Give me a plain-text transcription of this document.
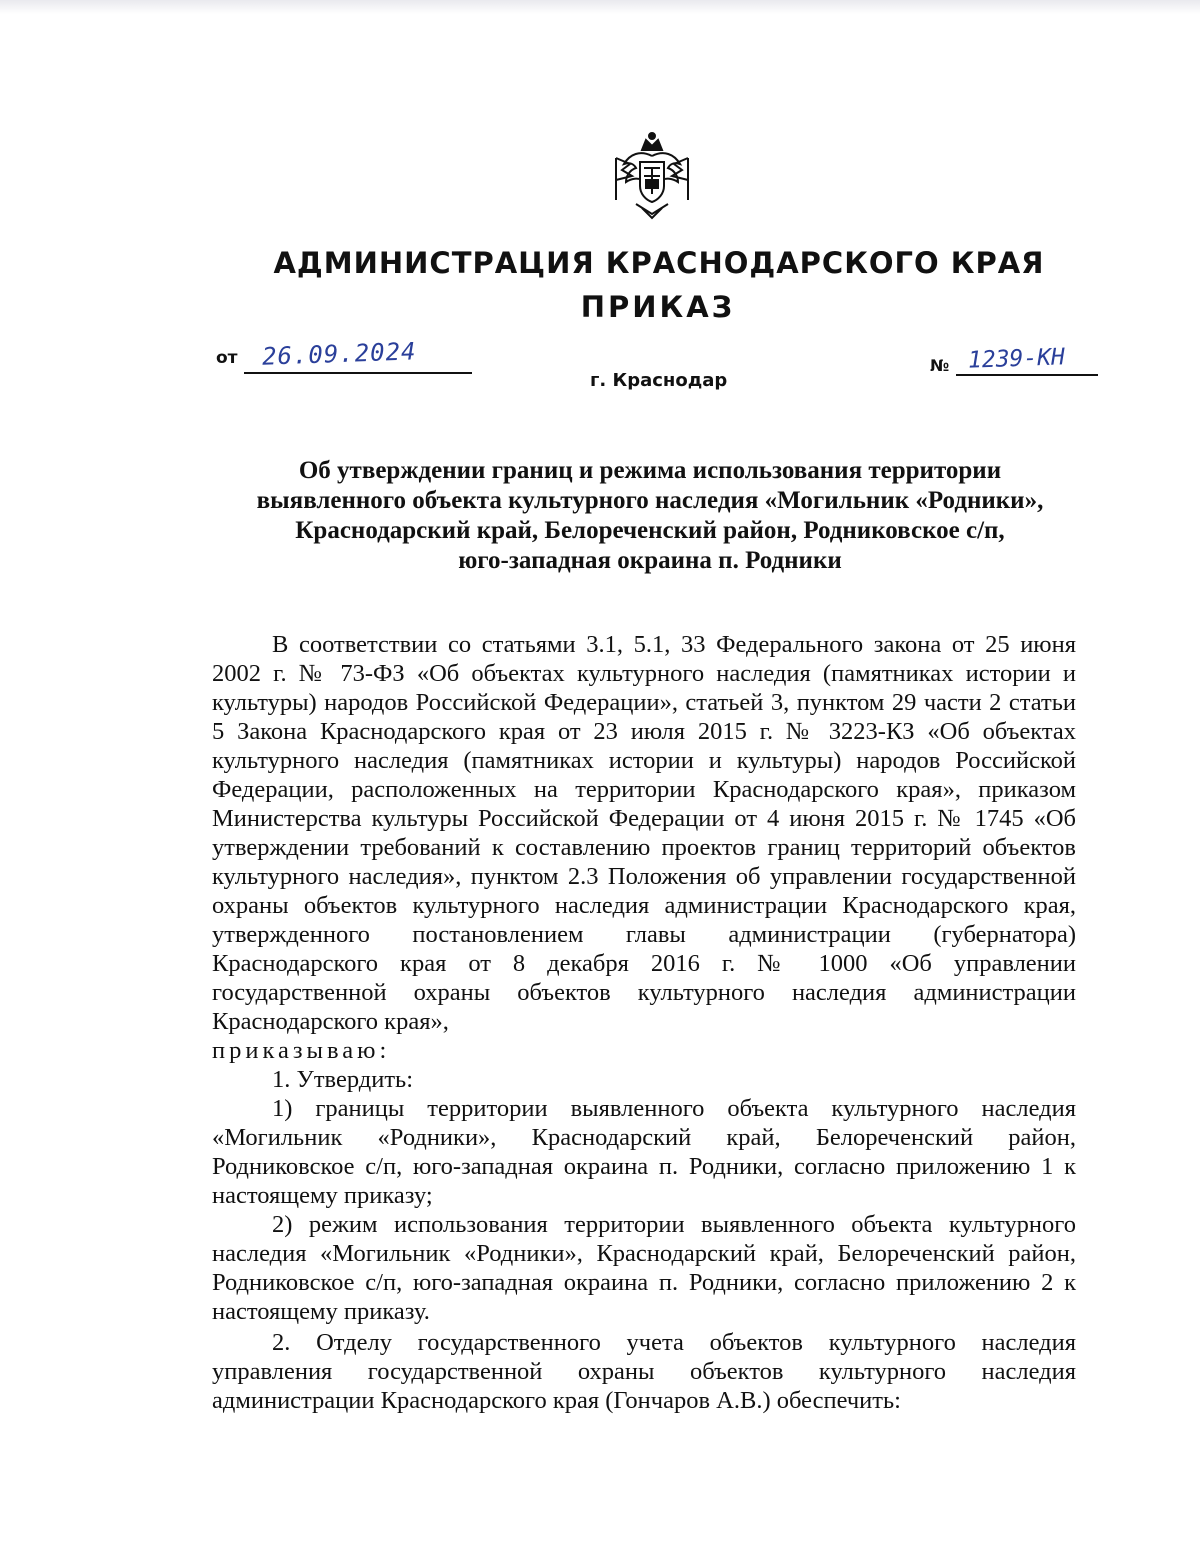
АДМИНИСТРАЦИЯ КРАСНОДАРСКОГО КРАЯ
ПРИКАЗ
от 26.09.2024
г. Краснодар
№ 1239-КН
Об утверждении границ и режима использования территории
выявленного объекта культурного наследия «Могильник «Родники»,
Краснодарский край, Белореченский район, Родниковское с/п,
юго-западная окраина п. Родники

В соответствии со статьями 3.1, 5.1, 33 Федерального закона от 25 июня 2002 г. № 73-ФЗ «Об объектах культурного наследия (памятниках истории и культуры) народов Российской Федерации», статьей 3, пунктом 29 части 2 статьи 5 Закона Краснодарского края от 23 июля 2015 г. № 3223-КЗ «Об объектах культурного наследия (памятниках истории и культуры) народов Российской Федерации, расположенных на территории Краснодарского края», приказом Министерства культуры Российской Федерации от 4 июня 2015 г. № 1745 «Об утверждении требований к составлению проектов границ территорий объектов культурного наследия», пунктом 2.3 Положения об управлении государственной охраны объектов культурного наследия администрации Краснодарского края, утвержденного постановлением главы администрации (губернатора) Краснодарского края от 8 декабря 2016 г. № 1000 «Об управлении государственной охраны объектов культурного наследия администрации Краснодарского края»,

приказываю:

1. Утвердить:

1) границы территории выявленного объекта культурного наследия «Могильник «Родники», Краснодарский край, Белореченский район, Родниковское с/п, юго-западная окраина п. Родники, согласно приложению 1 к настоящему приказу;

2) режим использования территории выявленного объекта культурного наследия «Могильник «Родники», Краснодарский край, Белореченский район, Родниковское с/п, юго-западная окраина п. Родники, согласно приложению 2 к настоящему приказу.

2. Отделу государственного учета объектов культурного наследия управления государственной охраны объектов культурного наследия администрации Краснодарского края (Гончаров А.В.) обеспечить:
